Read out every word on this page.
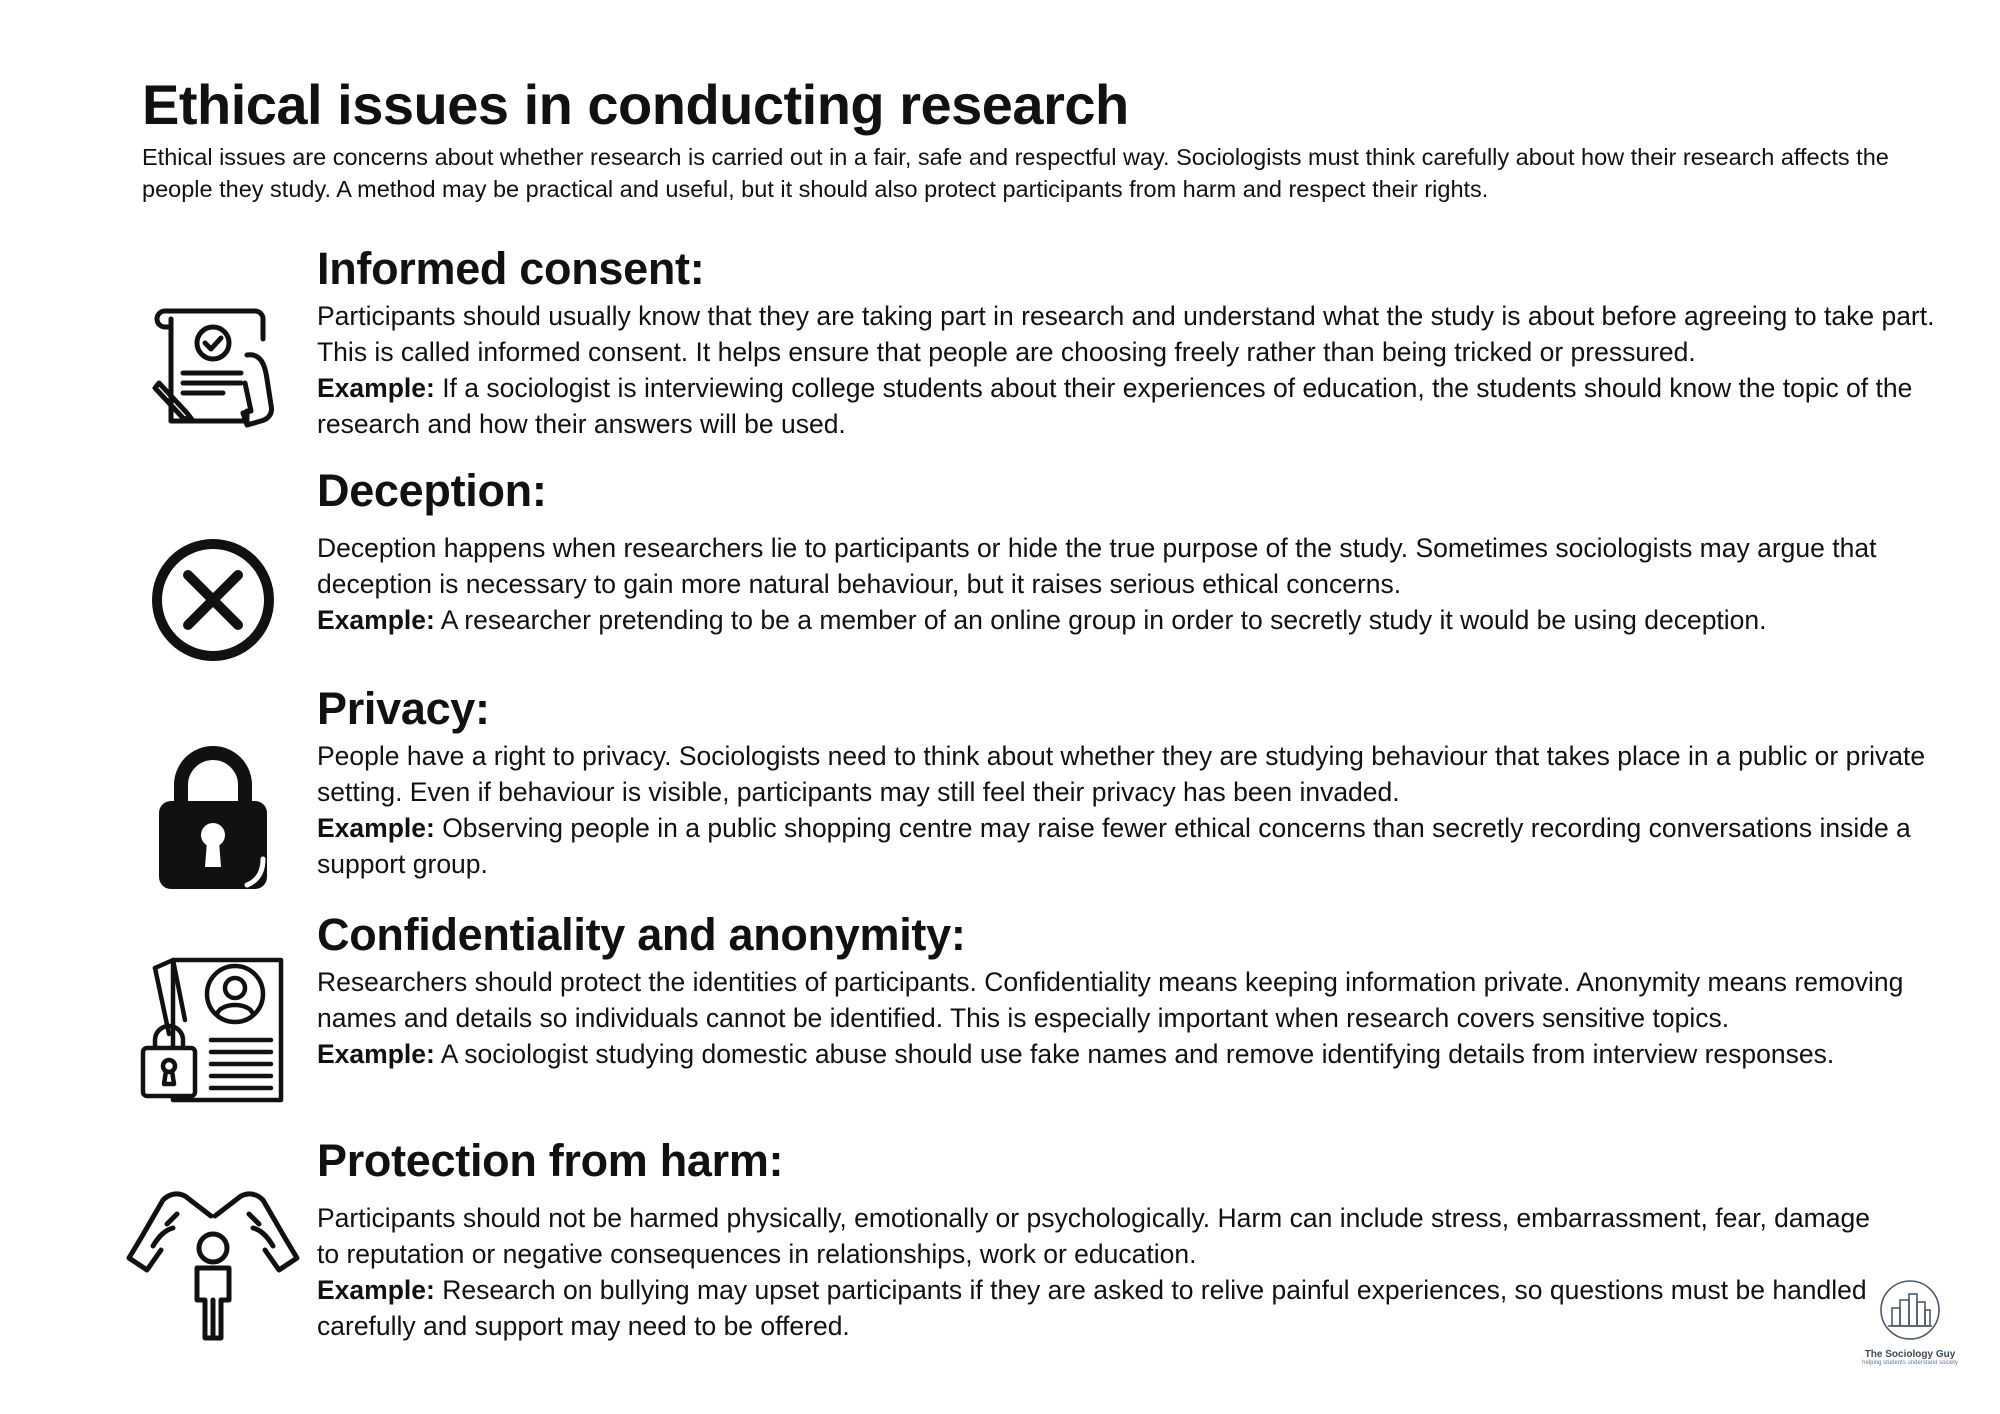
Ethical issues in conducting research

Ethical issues are concerns about whether research is carried out in a fair, safe and respectful way. Sociologists must think carefully about how their research affects the people they study. A method may be practical and useful, but it should also protect participants from harm and respect their rights.

Informed consent:

Participants should usually know that they are taking part in research and understand what the study is about before agreeing to take part. This is called informed consent. It helps ensure that people are choosing freely rather than being tricked or pressured.

Example: If a sociologist is interviewing college students about their experiences of education, the students should know the topic of the research and how their answers will be used.

Deception:

Deception happens when researchers lie to participants or hide the true purpose of the study. Sometimes sociologists may argue that deception is necessary to gain more natural behaviour, but it raises serious ethical concerns.

Example: A researcher pretending to be a member of an online group in order to secretly study it would be using deception.

Privacy:

People have a right to privacy. Sociologists need to think about whether they are studying behaviour that takes place in a public or private setting. Even if behaviour is visible, participants may still feel their privacy has been invaded.

Example: Observing people in a public shopping centre may raise fewer ethical concerns than secretly recording conversations inside a support group.

Confidentiality and anonymity:

Researchers should protect the identities of participants. Confidentiality means keeping information private. Anonymity means removing names and details so individuals cannot be identified. This is especially important when research covers sensitive topics.

Example: A sociologist studying domestic abuse should use fake names and remove identifying details from interview responses.

Protection from harm:

Participants should not be harmed physically, emotionally or psychologically. Harm can include stress, embarrassment, fear, damage to reputation or negative consequences in relationships, work or education.

Example: Research on bullying may upset participants if they are asked to relive painful experiences, so questions must be handled carefully and support may need to be offered.

The Sociology Guy
helping students understand society
